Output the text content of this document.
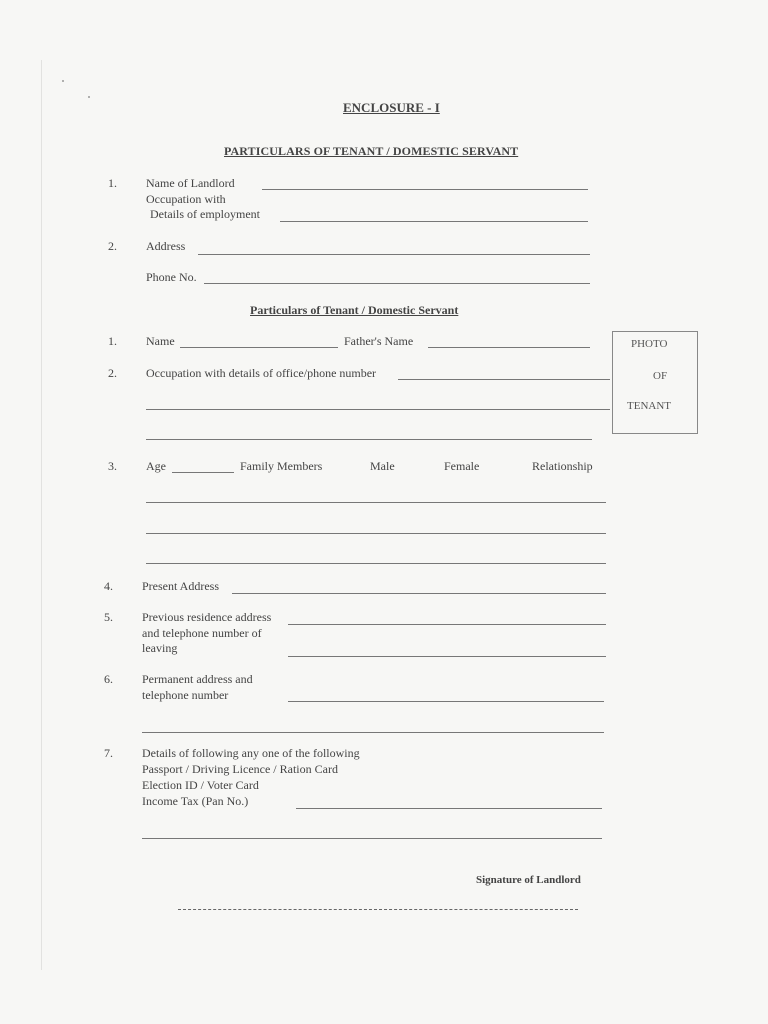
ENCLOSURE - I
PARTICULARS OF TENANT / DOMESTIC SERVANT
1. Name of Landlord
Occupation with
Details of employment
2. Address
Phone No.
Particulars of Tenant / Domestic Servant
PHOTO
OF
TENANT
1. Name	Father's Name
2. Occupation with details of office/phone number
3. Age	Family Members	Male	Female	Relationship
4. Present Address
5. Previous residence address
and telephone number of
leaving
6. Permanent address and
telephone number
7. Details of following any one of the following
Passport / Driving Licence / Ration Card
Election ID / Voter Card
Income Tax (Pan No.)
Signature of Landlord
